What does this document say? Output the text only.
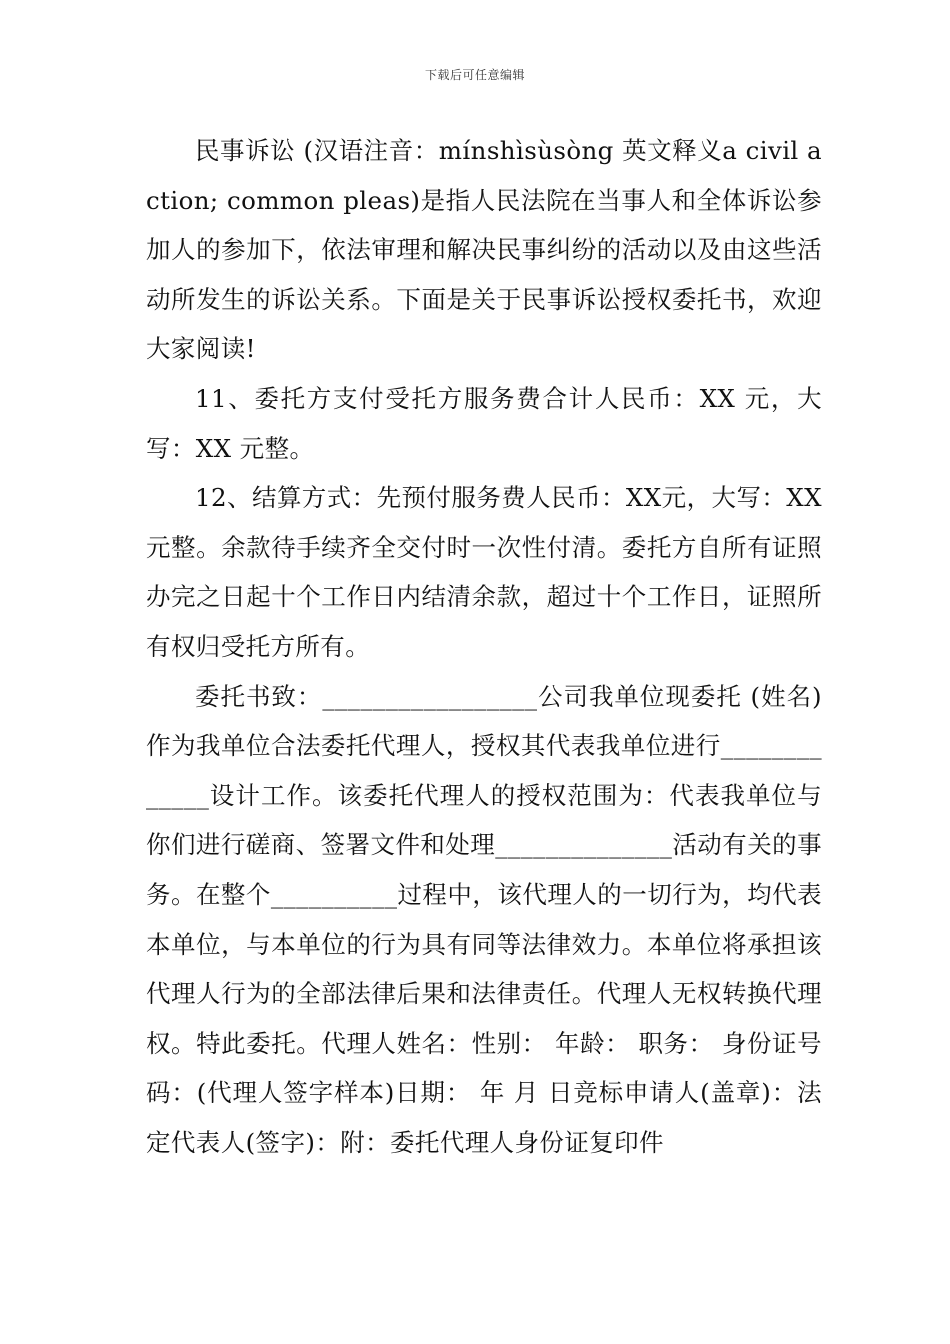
下载后可任意编辑

民事诉讼 (汉语注音：mínshìsùsòng 英文释义a civil action; common pleas)是指人民法院在当事人和全体诉讼参加人的参加下，依法审理和解决民事纠纷的活动以及由这些活动所发生的诉讼关系。下面是关于民事诉讼授权委托书，欢迎大家阅读!

11、委托方支付受托方服务费合计人民币：XX 元，大写：XX 元整。

12、结算方式：先预付服务费人民币：XX元，大写：XX元整。余款待手续齐全交付时一次性付清。委托方自所有证照办完之日起十个工作日内结清余款，超过十个工作日，证照所有权归受托方所有。

委托书致：_________________公司我单位现委托 (姓名)作为我单位合法委托代理人，授权其代表我单位进行_____________设计工作。该委托代理人的授权范围为：代表我单位与你们进行磋商、签署文件和处理______________活动有关的事务。在整个__________过程中，该代理人的一切行为，均代表本单位，与本单位的行为具有同等法律效力。本单位将承担该代理人行为的全部法律后果和法律责任。代理人无权转换代理权。特此委托。代理人姓名：性别： 年龄： 职务： 身份证号码：(代理人签字样本)日期： 年 月 日竞标申请人(盖章)：法定代表人(签字)：附：委托代理人身份证复印件
